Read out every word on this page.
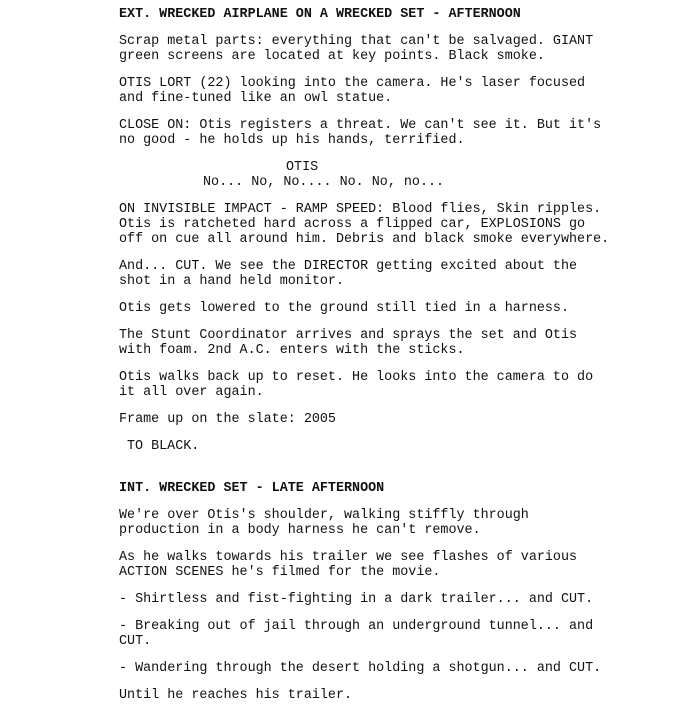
EXT. WRECKED AIRPLANE ON A WRECKED SET - AFTERNOON

Scrap metal parts: everything that can't be salvaged. GIANT

green screens are located at key points. Black smoke.

OTIS LORT (22) looking into the camera. He's laser focused

and fine-tuned like an owl statue.

CLOSE ON: Otis registers a threat. We can't see it. But it's

no good - he holds up his hands, terrified.

OTIS

No... No, No.... No. No, no...

ON INVISIBLE IMPACT - RAMP SPEED: Blood flies, Skin ripples.

Otis is ratcheted hard across a flipped car, EXPLOSIONS go

off on cue all around him. Debris and black smoke everywhere.

And... CUT. We see the DIRECTOR getting excited about the

shot in a hand held monitor.

Otis gets lowered to the ground still tied in a harness.

The Stunt Coordinator arrives and sprays the set and Otis

with foam. 2nd A.C. enters with the sticks.

Otis walks back up to reset. He looks into the camera to do

it all over again.

Frame up on the slate: 2005

TO BLACK.

INT. WRECKED SET - LATE AFTERNOON

We're over Otis's shoulder, walking stiffly through

production in a body harness he can't remove.

As he walks towards his trailer we see flashes of various

ACTION SCENES he's filmed for the movie.

- Shirtless and fist-fighting in a dark trailer... and CUT.

- Breaking out of jail through an underground tunnel... and

CUT.

- Wandering through the desert holding a shotgun... and CUT.

Until he reaches his trailer.
